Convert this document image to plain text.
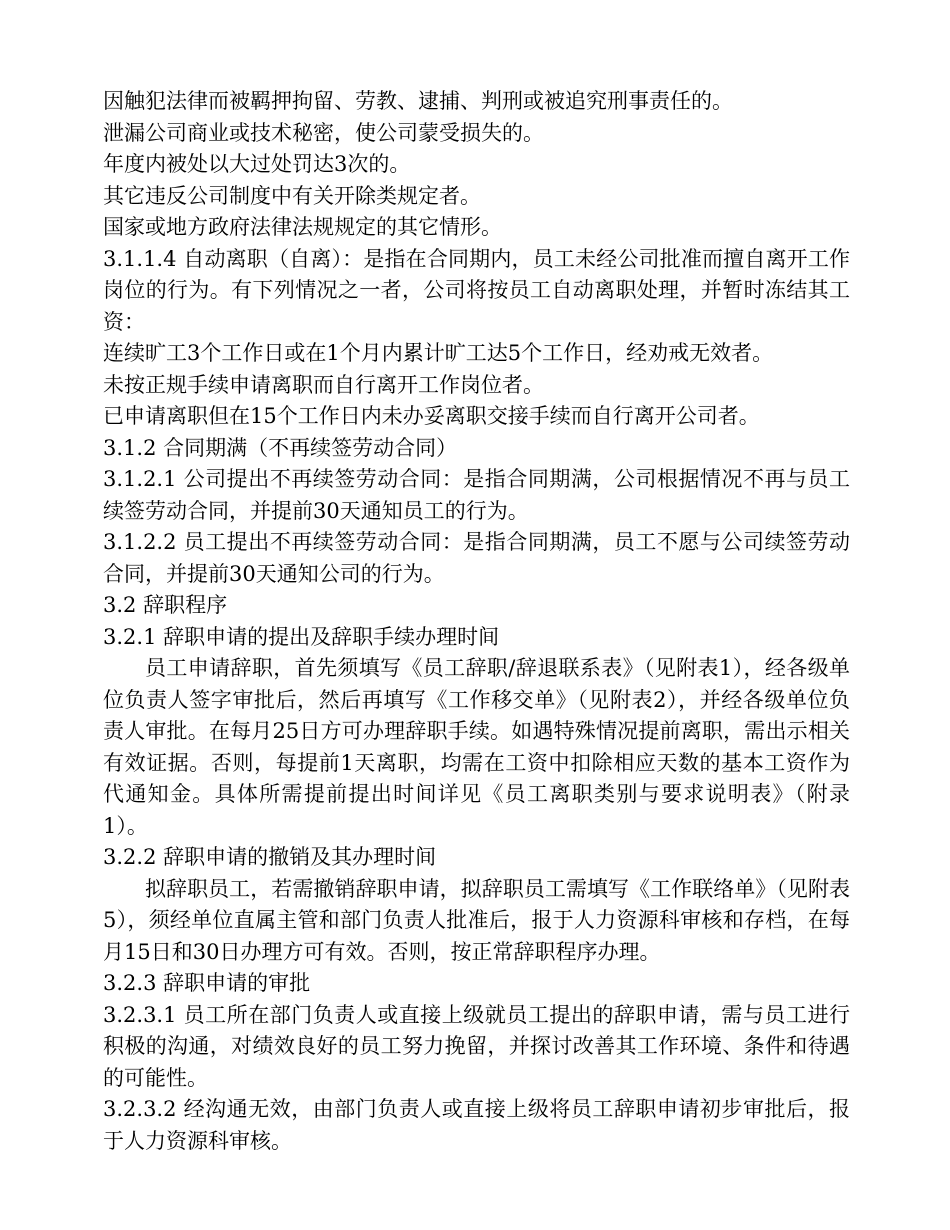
因触犯法律而被羁押拘留、劳教、逮捕、判刑或被追究刑事责任的。

泄漏公司商业或技术秘密，使公司蒙受损失的。

年度内被处以大过处罚达3次的。

其它违反公司制度中有关开除类规定者。

国家或地方政府法律法规规定的其它情形。

3.1.1.4 自动离职（自离）：是指在合同期内，员工未经公司批准而擅自离开工作岗位的行为。有下列情况之一者，公司将按员工自动离职处理，并暂时冻结其工资：

连续旷工3个工作日或在1个月内累计旷工达5个工作日，经劝戒无效者。

未按正规手续申请离职而自行离开工作岗位者。

已申请离职但在15个工作日内未办妥离职交接手续而自行离开公司者。

3.1.2 合同期满（不再续签劳动合同）

3.1.2.1 公司提出不再续签劳动合同：是指合同期满，公司根据情况不再与员工续签劳动合同，并提前30天通知员工的行为。

3.1.2.2 员工提出不再续签劳动合同：是指合同期满，员工不愿与公司续签劳动合同，并提前30天通知公司的行为。

3.2 辞职程序

3.2.1 辞职申请的提出及辞职手续办理时间

员工申请辞职，首先须填写《员工辞职/辞退联系表》（见附表1），经各级单位负责人签字审批后，然后再填写《工作移交单》（见附表2），并经各级单位负责人审批。在每月25日方可办理辞职手续。如遇特殊情况提前离职，需出示相关有效证据。否则，每提前1天离职，均需在工资中扣除相应天数的基本工资作为代通知金。具体所需提前提出时间详见《员工离职类别与要求说明表》（附录1）。

3.2.2 辞职申请的撤销及其办理时间

拟辞职员工，若需撤销辞职申请，拟辞职员工需填写《工作联络单》（见附表5），须经单位直属主管和部门负责人批准后，报于人力资源科审核和存档，在每月15日和30日办理方可有效。否则，按正常辞职程序办理。

3.2.3 辞职申请的审批

3.2.3.1 员工所在部门负责人或直接上级就员工提出的辞职申请，需与员工进行积极的沟通，对绩效良好的员工努力挽留，并探讨改善其工作环境、条件和待遇的可能性。

3.2.3.2 经沟通无效，由部门负责人或直接上级将员工辞职申请初步审批后，报于人力资源科审核。
